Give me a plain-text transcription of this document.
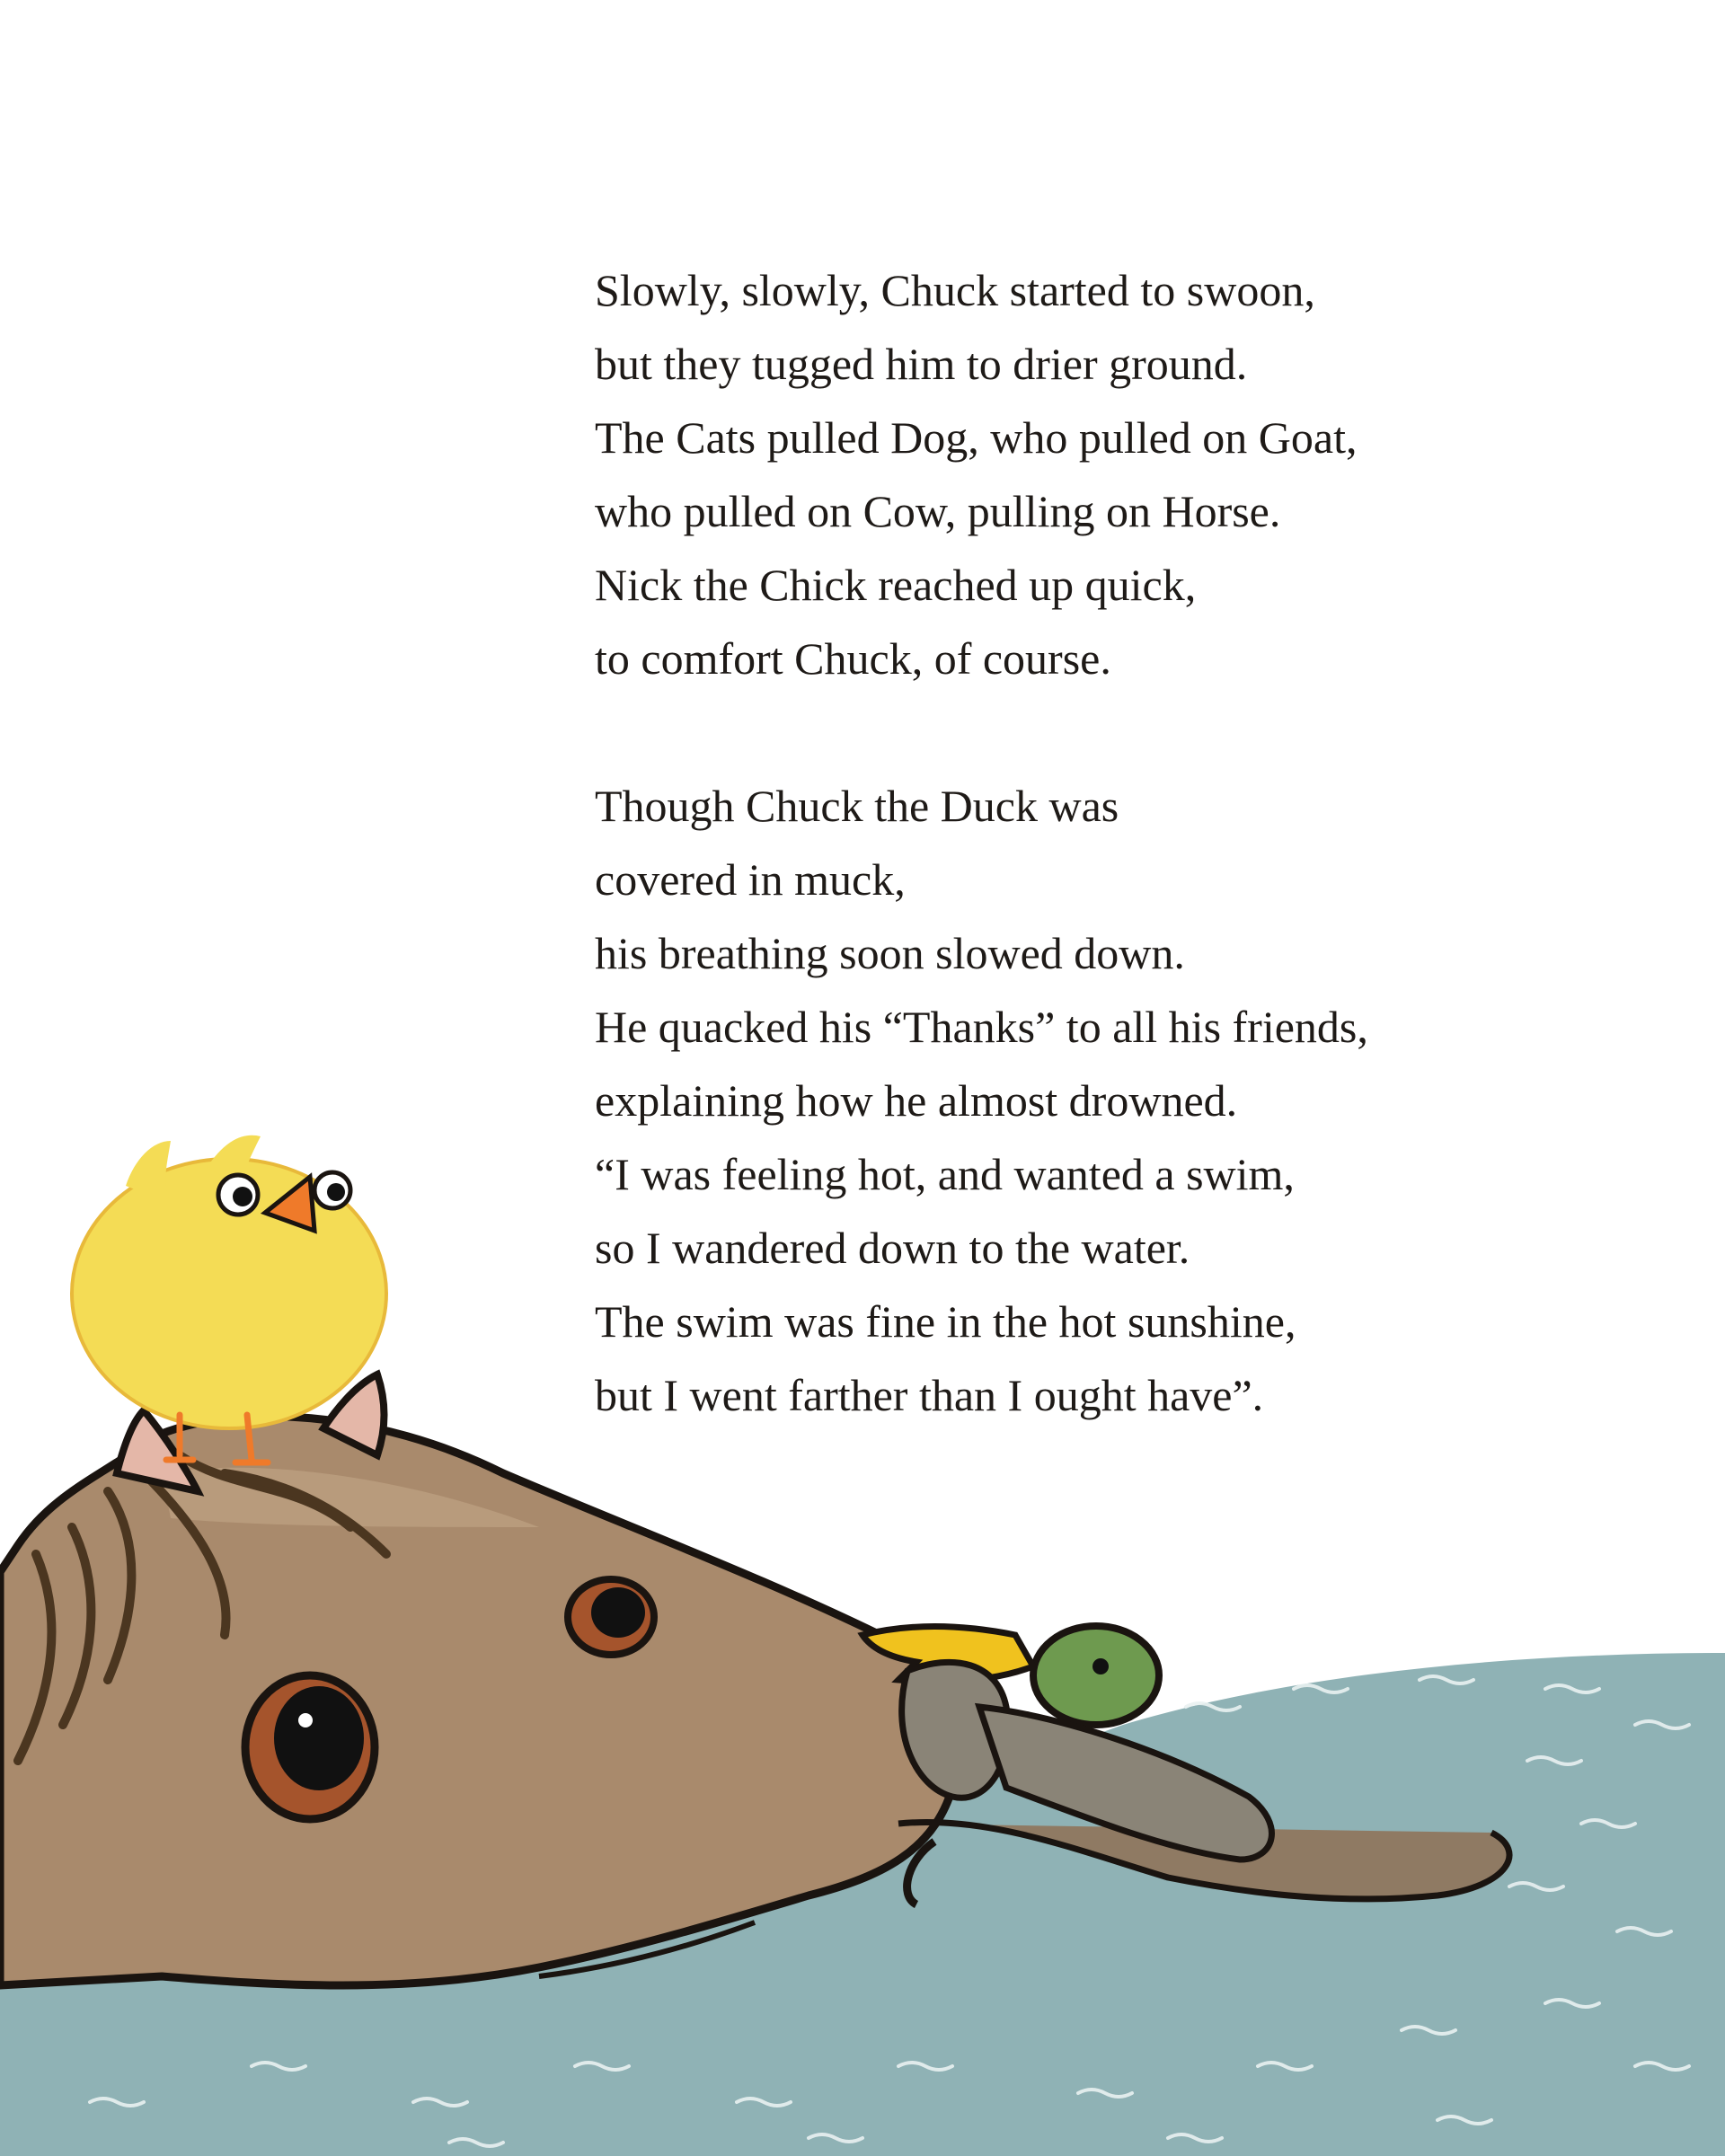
Slowly, slowly, Chuck started to swoon,

but they tugged him to drier ground.

The Cats pulled Dog, who pulled on Goat,

who pulled on Cow, pulling on Horse.

Nick the Chick reached up quick,

to comfort Chuck, of course.

Though Chuck the Duck was

covered in muck,

his breathing soon slowed down.

He quacked his “Thanks” to all his friends,

explaining how he almost drowned.

“I was feeling hot, and wanted a swim,

so I wandered down to the water.

The swim was fine in the hot sunshine,

but I went farther than I ought have”.
